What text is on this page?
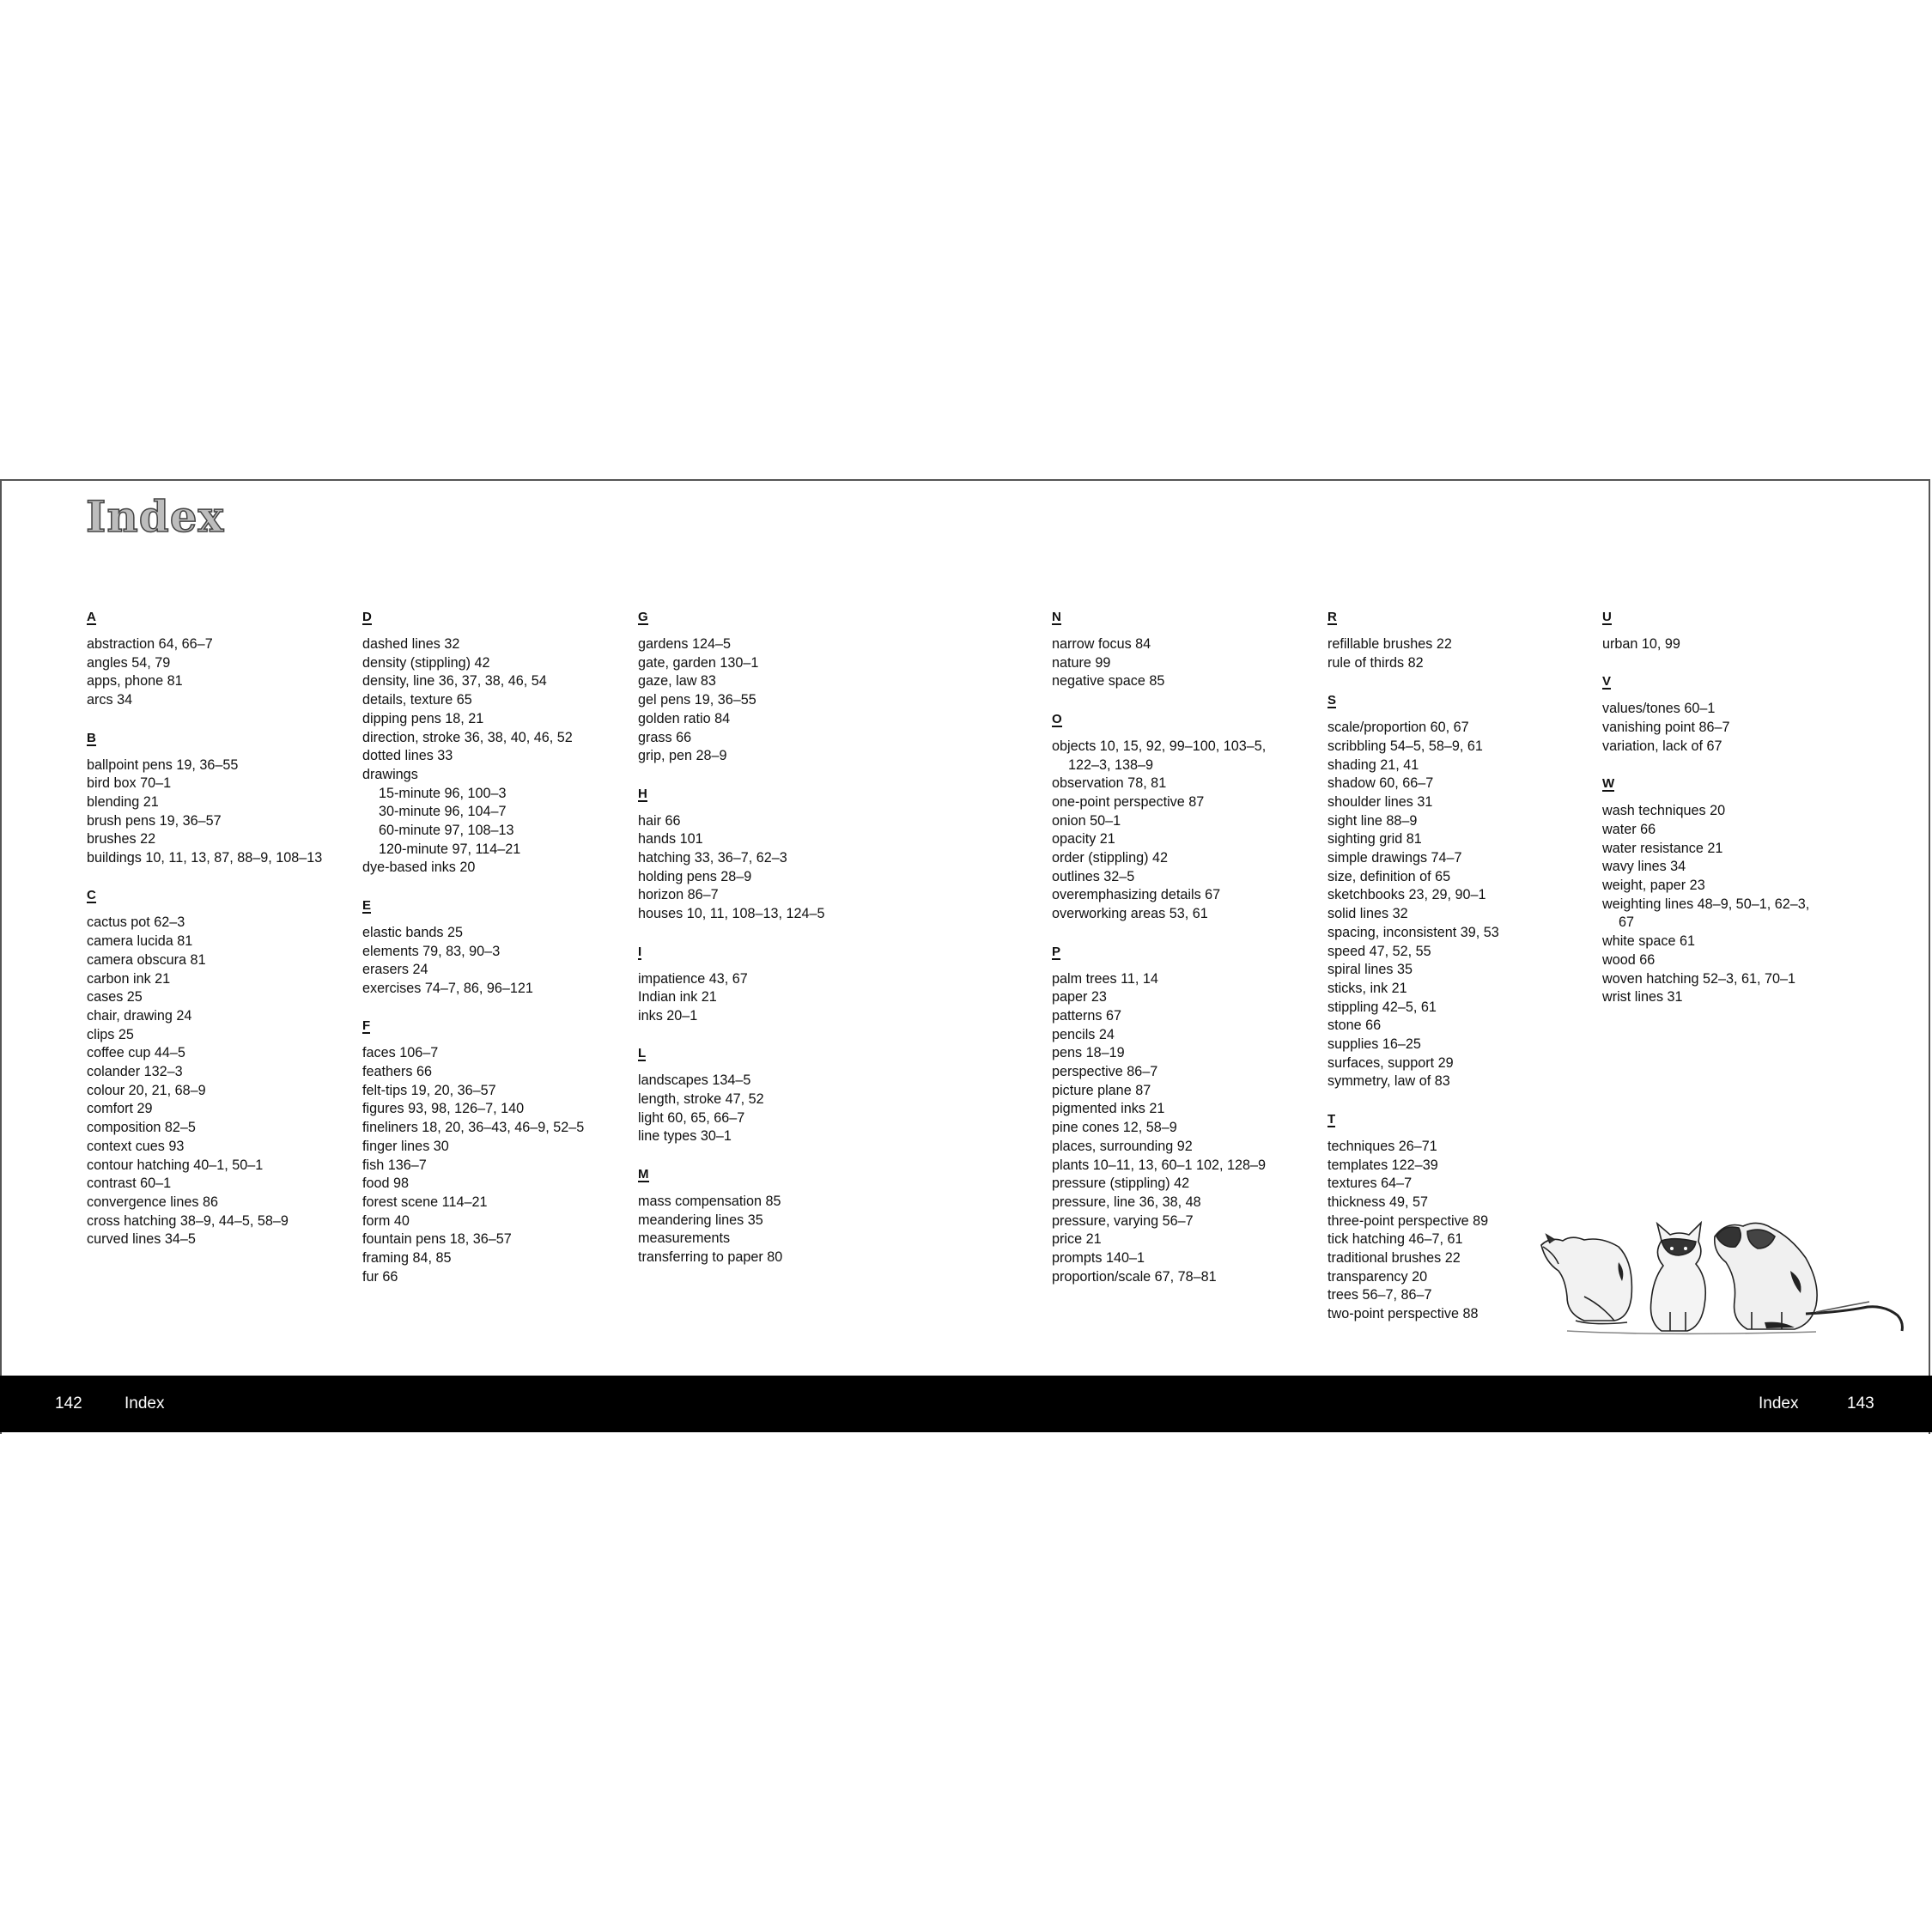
Index
A
abstraction 64, 66–7
angles 54, 79
apps, phone 81
arcs 34
B
ballpoint pens 19, 36–55
bird box 70–1
blending 21
brush pens 19, 36–57
brushes 22
buildings 10, 11, 13, 87, 88–9, 108–13
C
cactus pot 62–3
camera lucida 81
camera obscura 81
carbon ink 21
cases 25
chair, drawing 24
clips 25
coffee cup 44–5
colander 132–3
colour 20, 21, 68–9
comfort 29
composition 82–5
context cues 93
contour hatching 40–1, 50–1
contrast 60–1
convergence lines 86
cross hatching 38–9, 44–5, 58–9
curved lines 34–5
D
dashed lines 32
density (stippling) 42
density, line 36, 37, 38, 46, 54
details, texture 65
dipping pens 18, 21
direction, stroke 36, 38, 40, 46, 52
dotted lines 33
drawings
15-minute 96, 100–3
30-minute 96, 104–7
60-minute 97, 108–13
120-minute 97, 114–21
dye-based inks 20
E
elastic bands 25
elements 79, 83, 90–3
erasers 24
exercises 74–7, 86, 96–121
F
faces 106–7
feathers 66
felt-tips 19, 20, 36–57
figures 93, 98, 126–7, 140
fineliners 18, 20, 36–43, 46–9, 52–5
finger lines 30
fish 136–7
food 98
forest scene 114–21
form 40
fountain pens 18, 36–57
framing 84, 85
fur 66
G
gardens 124–5
gate, garden 130–1
gaze, law 83
gel pens 19, 36–55
golden ratio 84
grass 66
grip, pen 28–9
H
hair 66
hands 101
hatching 33, 36–7, 62–3
holding pens 28–9
horizon 86–7
houses 10, 11, 108–13, 124–5
I
impatience 43, 67
Indian ink 21
inks 20–1
L
landscapes 134–5
length, stroke 47, 52
light 60, 65, 66–7
line types 30–1
M
mass compensation 85
meandering lines 35
measurements
transferring to paper 80
N
narrow focus 84
nature 99
negative space 85
O
objects 10, 15, 92, 99–100, 103–5,
122–3, 138–9
observation 78, 81
one-point perspective 87
onion 50–1
opacity 21
order (stippling) 42
outlines 32–5
overemphasizing details 67
overworking areas 53, 61
P
palm trees 11, 14
paper 23
patterns 67
pencils 24
pens 18–19
perspective 86–7
picture plane 87
pigmented inks 21
pine cones 12, 58–9
places, surrounding 92
plants 10–11, 13, 60–1 102, 128–9
pressure (stippling) 42
pressure, line 36, 38, 48
pressure, varying 56–7
price 21
prompts 140–1
proportion/scale 67, 78–81
R
refillable brushes 22
rule of thirds 82
S
scale/proportion 60, 67
scribbling 54–5, 58–9, 61
shading 21, 41
shadow 60, 66–7
shoulder lines 31
sight line 88–9
sighting grid 81
simple drawings 74–7
size, definition of 65
sketchbooks 23, 29, 90–1
solid lines 32
spacing, inconsistent 39, 53
speed 47, 52, 55
spiral lines 35
sticks, ink 21
stippling 42–5, 61
stone 66
supplies 16–25
surfaces, support 29
symmetry, law of 83
T
techniques 26–71
templates 122–39
textures 64–7
thickness 49, 57
three-point perspective 89
tick hatching 46–7, 61
traditional brushes 22
transparency 20
trees 56–7, 86–7
two-point perspective 88
U
urban 10, 99
V
values/tones 60–1
vanishing point 86–7
variation, lack of 67
W
wash techniques 20
water 66
water resistance 21
wavy lines 34
weight, paper 23
weighting lines 48–9, 50–1, 62–3,
67
white space 61
wood 66
woven hatching 52–3, 61, 70–1
wrist lines 31
142	Index	Index	143
